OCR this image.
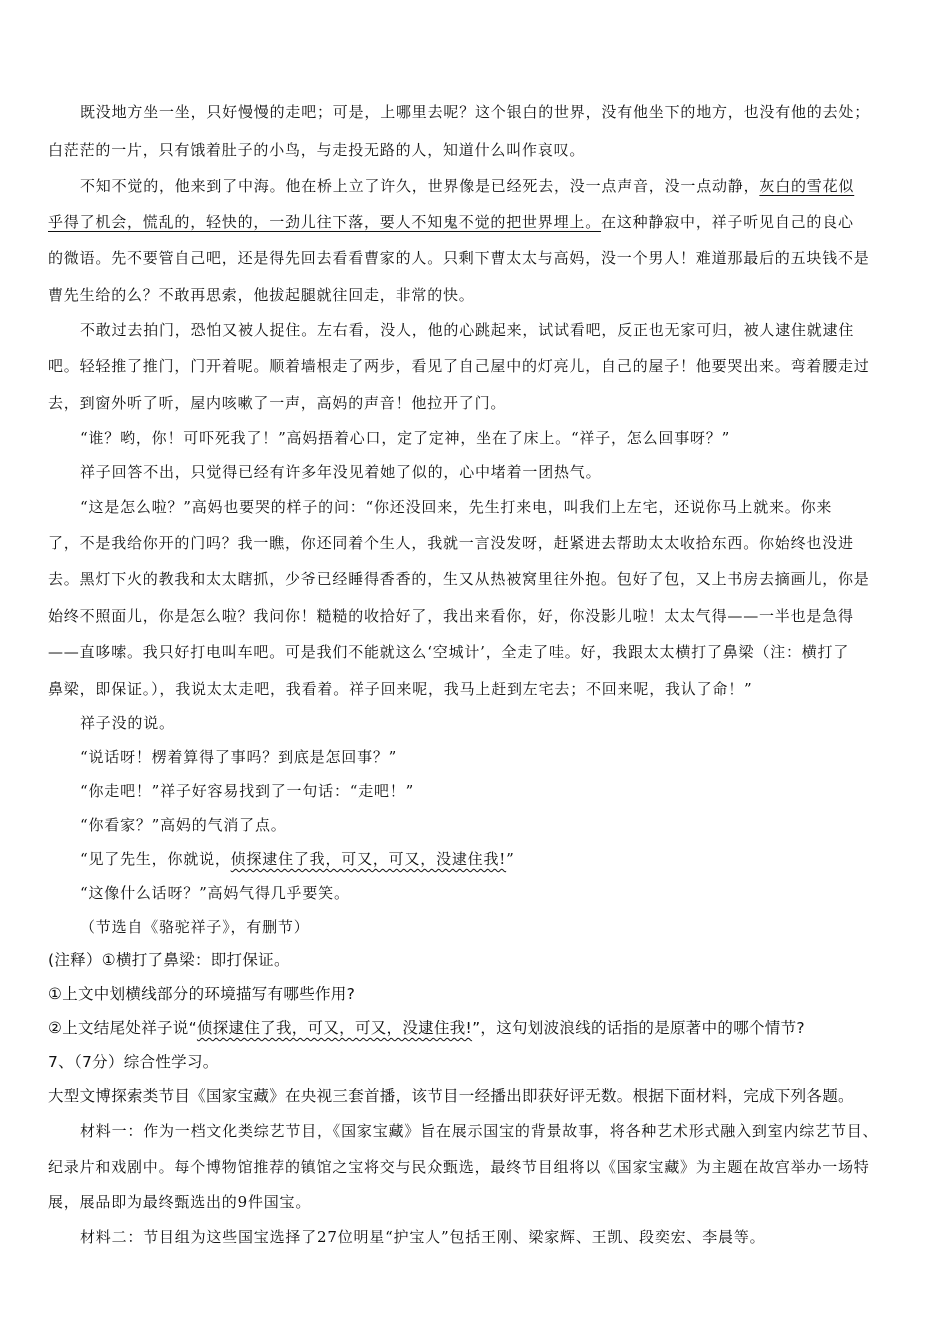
既没地方坐一坐，只好慢慢的走吧；可是，上哪里去呢？这个银白的世界，没有他坐下的地方，也没有他的去处；
白茫茫的一片，只有饿着肚子的小鸟，与走投无路的人，知道什么叫作哀叹。
不知不觉的，他来到了中海。他在桥上立了许久，世界像是已经死去，没一点声音，没一点动静，灰白的雪花似
乎得了机会，慌乱的，轻快的，一劲儿往下落，要人不知鬼不觉的把世界埋上。在这种静寂中，祥子听见自己的良心
的微语。先不要管自己吧，还是得先回去看看曹家的人。只剩下曹太太与高妈，没一个男人！难道那最后的五块钱不是
曹先生给的么？不敢再思索，他拔起腿就往回走，非常的快。
不敢过去拍门，恐怕又被人捉住。左右看，没人，他的心跳起来，试试看吧，反正也无家可归，被人逮住就逮住
吧。轻轻推了推门，门开着呢。顺着墙根走了两步，看见了自己屋中的灯亮儿，自己的屋子！他要哭出来。弯着腰走过
去，到窗外听了听，屋内咳嗽了一声，高妈的声音！他拉开了门。
“谁？哟，你！可吓死我了！”高妈捂着心口，定了定神，坐在了床上。“祥子，怎么回事呀？”
祥子回答不出，只觉得已经有许多年没见着她了似的，心中堵着一团热气。
“这是怎么啦？”高妈也要哭的样子的问：“你还没回来，先生打来电，叫我们上左宅，还说你马上就来。你来
了，不是我给你开的门吗？我一瞧，你还同着个生人，我就一言没发呀，赶紧进去帮助太太收拾东西。你始终也没进
去。黑灯下火的教我和太太瞎抓，少爷已经睡得香香的，生又从热被窝里往外抱。包好了包，又上书房去摘画儿，你是
始终不照面儿，你是怎么啦？我问你！糙糙的收拾好了，我出来看你，好，你没影儿啦！太太气得——一半也是急得
——直哆嗦。我只好打电叫车吧。可是我们不能就这么‘空城计’，全走了哇。好，我跟太太横打了鼻梁（注：横打了
鼻梁，即保证。），我说太太走吧，我看着。祥子回来呢，我马上赶到左宅去；不回来呢，我认了命！”
祥子没的说。
“说话呀！楞着算得了事吗？到底是怎回事？”
“你走吧！”祥子好容易找到了一句话：“走吧！”
“你看家？”高妈的气消了点。
“见了先生，你就说，侦探逮住了我，可又，可又，没逮住我!”
“这像什么话呀？”高妈气得几乎要笑。
（节选自《骆驼祥子》，有删节）
(注释）①横打了鼻梁：即打保证。
①上文中划横线部分的环境描写有哪些作用?
②上文结尾处祥子说“侦探逮住了我，可又，可又，没逮住我!”，这句划波浪线的话指的是原著中的哪个情节?
7、（7分）综合性学习。
大型文博探索类节目《国家宝藏》在央视三套首播，该节目一经播出即获好评无数。根据下面材料，完成下列各题。
材料一：作为一档文化类综艺节目，《国家宝藏》旨在展示国宝的背景故事，将各种艺术形式融入到室内综艺节目、
纪录片和戏剧中。每个博物馆推荐的镇馆之宝将交与民众甄选，最终节目组将以《国家宝藏》为主题在故宫举办一场特
展，展品即为最终甄选出的9件国宝。
材料二：节目组为这些国宝选择了27位明星“护宝人”包括王刚、梁家辉、王凯、段奕宏、李晨等。
